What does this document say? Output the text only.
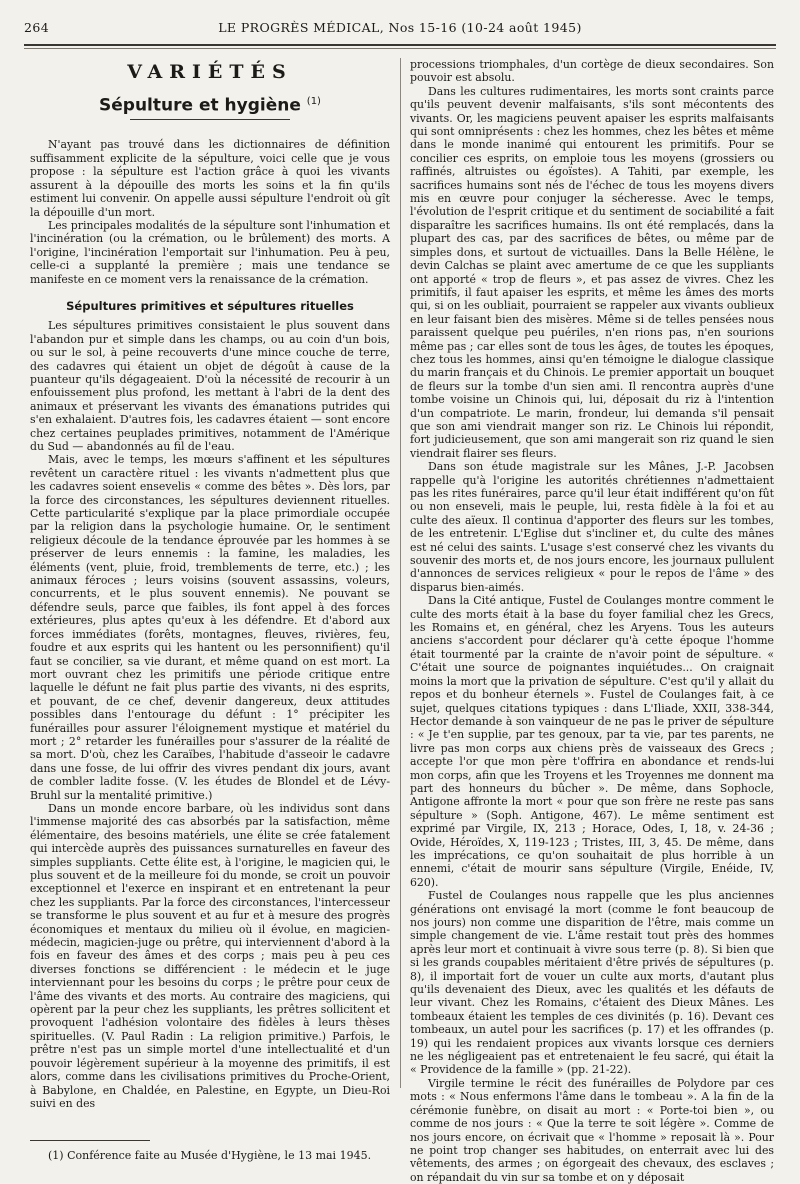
264	LE PROGRÈS MÉDICAL, Nos 15-16 (10-24 août 1945)
VARIÉTÉS
Sépulture et hygiène $^{(1)}$

N'ayant pas trouvé dans les dictionnaires de définition suffisamment explicite de la sépulture, voici celle que je vous propose : la sépulture est l'action grâce à quoi les vivants assurent à la dépouille des morts les soins et la fin qu'ils estiment lui convenir. On appelle aussi sépulture l'endroit où gît la dépouille d'un mort.

Les principales modalités de la sépulture sont l'inhumation et l'incinération (ou la crémation, ou le brûlement) des morts. A l'origine, l'incinération l'emportait sur l'inhumation. Peu à peu, celle-ci a supplanté la première ; mais une tendance se manifeste en ce moment vers la renaissance de la crémation.

Sépultures primitives et sépultures rituelles

Les sépultures primitives consistaient le plus souvent dans l'abandon pur et simple dans les champs, ou au coin d'un bois, ou sur le sol, à peine recouverts d'une mince couche de terre, des cadavres qui étaient un objet de dégoût à cause de la puanteur qu'ils dégageaient. D'où la nécessité de recourir à un enfouissement plus profond, les mettant à l'abri de la dent des animaux et préservant les vivants des émanations putrides qui s'en exhalaient. D'autres fois, les cadavres étaient — sont encore chez certaines peuplades primitives, notamment de l'Amérique du Sud — abandonnés au fil de l'eau.

Mais, avec le temps, les mœurs s'affinent et les sépultures revêtent un caractère rituel : les vivants n'admettent plus que les cadavres soient ensevelis « comme des bêtes ». Dès lors, par la force des circonstances, les sépultures deviennent rituelles. Cette particularité s'explique par la place primordiale occupée par la religion dans la psychologie humaine. Or, le sentiment religieux découle de la tendance éprouvée par les hommes à se préserver de leurs ennemis : la famine, les maladies, les éléments (vent, pluie, froid, tremblements de terre, etc.) ; les animaux féroces ; leurs voisins (souvent assassins, voleurs, concurrents, et le plus souvent ennemis). Ne pouvant se défendre seuls, parce que faibles, ils font appel à des forces extérieures, plus aptes qu'eux à les défendre. Et d'abord aux forces immédiates (forêts, montagnes, fleuves, rivières, feu, foudre et aux esprits qui les hantent ou les personnifient) qu'il faut se concilier, sa vie durant, et même quand on est mort. La mort ouvrant chez les primitifs une période critique entre laquelle le défunt ne fait plus partie des vivants, ni des esprits, et pouvant, de ce chef, devenir dangereux, deux attitudes possibles dans l'entourage du défunt : 1° précipiter les funérailles pour assurer l'éloignement mystique et matériel du mort ; 2° retarder les funérailles pour s'assurer de la réalité de sa mort. D'où, chez les Caraïbes, l'habitude d'asseoir le cadavre dans une fosse, de lui offrir des vivres pendant dix jours, avant de combler ladite fosse. (V. les études de Blondel et de Lévy-Bruhl sur la mentalité primitive.)

Dans un monde encore barbare, où les individus sont dans l'immense majorité des cas absorbés par la satisfaction, même élémentaire, des besoins matériels, une élite se crée fatalement qui intercède auprès des puissances surnaturelles en faveur des simples suppliants. Cette élite est, à l'origine, le magicien qui, le plus souvent et de la meilleure foi du monde, se croit un pouvoir exceptionnel et l'exerce en inspirant et en entretenant la peur chez les suppliants. Par la force des circonstances, l'intercesseur se transforme le plus souvent et au fur et à mesure des progrès économiques et mentaux du milieu où il évolue, en magicien-médecin, magicien-juge ou prêtre, qui interviennent d'abord à la fois en faveur des âmes et des corps ; mais peu à peu ces diverses fonctions se différencient : le médecin et le juge interviennant pour les besoins du corps ; le prêtre pour ceux de l'âme des vivants et des morts. Au contraire des magiciens, qui opèrent par la peur chez les suppliants, les prêtres sollicitent et provoquent l'adhésion volontaire des fidèles à leurs thèses spirituelles. (V. Paul Radin : La religion primitive.) Parfois, le prêtre n'est pas un simple mortel d'une intellectualité et d'un pouvoir légèrement supérieur à la moyenne des primitifs, il est alors, comme dans les civilisations primitives du Proche-Orient, à Babylone, en Chaldée, en Palestine, en Egypte, un Dieu-Roi suivi en des

(1) Conférence faite au Musée d'Hygiène, le 13 mai 1945.

processions triomphales, d'un cortège de dieux secondaires. Son pouvoir est absolu.

Dans les cultures rudimentaires, les morts sont craints parce qu'ils peuvent devenir malfaisants, s'ils sont mécontents des vivants. Or, les magiciens peuvent apaiser les esprits malfaisants qui sont omniprésents : chez les hommes, chez les bêtes et même dans le monde inanimé qui entourent les primitifs. Pour se concilier ces esprits, on emploie tous les moyens (grossiers ou raffinés, altruistes ou égoïstes). A Tahiti, par exemple, les sacrifices humains sont nés de l'échec de tous les moyens divers mis en œuvre pour conjuger la sécheresse. Avec le temps, l'évolution de l'esprit critique et du sentiment de sociabilité a fait disparaître les sacrifices humains. Ils ont été remplacés, dans la plupart des cas, par des sacrifices de bêtes, ou même par de simples dons, et surtout de victuailles. Dans la Belle Hélène, le devin Calchas se plaint avec amertume de ce que les suppliants ont apporté « trop de fleurs », et pas assez de vivres. Chez les primitifs, il faut apaiser les esprits, et même les âmes des morts qui, si on les oubliait, pourraient se rappeler aux vivants oublieux en leur faisant bien des misères. Même si de telles pensées nous paraissent quelque peu puériles, n'en rions pas, n'en sourions même pas ; car elles sont de tous les âges, de toutes les époques, chez tous les hommes, ainsi qu'en témoigne le dialogue classique du marin français et du Chinois. Le premier apportait un bouquet de fleurs sur la tombe d'un sien ami. Il rencontra auprès d'une tombe voisine un Chinois qui, lui, déposait du riz à l'intention d'un compatriote. Le marin, frondeur, lui demanda s'il pensait que son ami viendrait manger son riz. Le Chinois lui répondit, fort judicieusement, que son ami mangerait son riz quand le sien viendrait flairer ses fleurs.

Dans son étude magistrale sur les Mânes, J.-P. Jacobsen rappelle qu'à l'origine les autorités chrétiennes n'admettaient pas les rites funéraires, parce qu'il leur était indifférent qu'on fût ou non enseveli, mais le peuple, lui, resta fidèle à la foi et au culte des aïeux. Il continua d'apporter des fleurs sur les tombes, de les entretenir. L'Eglise dut s'incliner et, du culte des mânes est né celui des saints. L'usage s'est conservé chez les vivants du souvenir des morts et, de nos jours encore, les journaux pullulent d'annonces de services religieux « pour le repos de l'âme » des disparus bien-aimés.

Dans la Cité antique, Fustel de Coulanges montre comment le culte des morts était à la base du foyer familial chez les Grecs, les Romains et, en général, chez les Aryens. Tous les auteurs anciens s'accordent pour déclarer qu'à cette époque l'homme était tourmenté par la crainte de n'avoir point de sépulture. « C'était une source de poignantes inquiétudes... On craignait moins la mort que la privation de sépulture. C'est qu'il y allait du repos et du bonheur éternels ». Fustel de Coulanges fait, à ce sujet, quelques citations typiques : dans L'Iliade, XXII, 338-344, Hector demande à son vainqueur de ne pas le priver de sépulture : « Je t'en supplie, par tes genoux, par ta vie, par tes parents, ne livre pas mon corps aux chiens près de vaisseaux des Grecs ; accepte l'or que mon père t'offrira en abondance et rends-lui mon corps, afin que les Troyens et les Troyennes me donnent ma part des honneurs du bûcher ». De même, dans Sophocle, Antigone affronte la mort « pour que son frère ne reste pas sans sépulture » (Soph. Antigone, 467). Le même sentiment est exprimé par Virgile, IX, 213 ; Horace, Odes, I, 18, v. 24-36 ; Ovide, Héroïdes, X, 119-123 ; Tristes, III, 3, 45. De même, dans les imprécations, ce qu'on souhaitait de plus horrible à un ennemi, c'était de mourir sans sépulture (Virgile, Enéide, IV, 620).

Fustel de Coulanges nous rappelle que les plus anciennes générations ont envisagé la mort (comme le font beaucoup de nos jours) non comme une disparition de l'être, mais comme un simple changement de vie. L'âme restait tout près des hommes après leur mort et continuait à vivre sous terre (p. 8). Si bien que si les grands coupables méritaient d'être privés de sépultures (p. 8), il importait fort de vouer un culte aux morts, d'autant plus qu'ils devenaient des Dieux, avec les qualités et les défauts de leur vivant. Chez les Romains, c'étaient des Dieux Mânes. Les tombeaux étaient les temples de ces divinités (p. 16). Devant ces tombeaux, un autel pour les sacrifices (p. 17) et les offrandes (p. 19) qui les rendaient propices aux vivants lorsque ces derniers ne les négligeaient pas et entretenaient le feu sacré, qui était la « Providence de la famille » (pp. 21-22).

Virgile termine le récit des funérailles de Polydore par ces mots : « Nous enfermons l'âme dans le tombeau ». A la fin de la cérémonie funèbre, on disait au mort : « Porte-toi bien », ou comme de nos jours : « Que la terre te soit légère ». Comme de nos jours encore, on écrivait que « l'homme » reposait là ». Pour ne point trop changer ses habitudes, on enterrait avec lui des vêtements, des armes ; on égorgeait des chevaux, des esclaves ; on répandait du vin sur sa tombe et on y déposait
